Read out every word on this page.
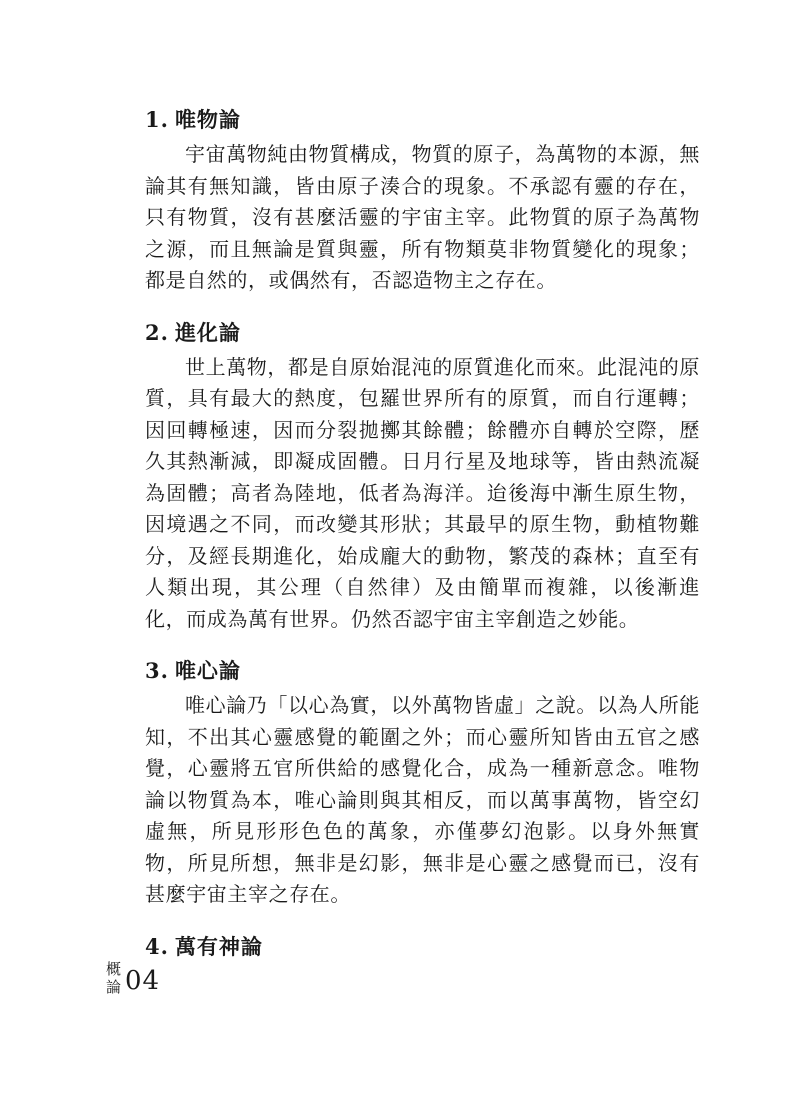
1. 唯物論

宇宙萬物純由物質構成，物質的原子，為萬物的本源，無論其有無知識，皆由原子湊合的現象。不承認有靈的存在，只有物質，沒有甚麼活靈的宇宙主宰。此物質的原子為萬物之源，而且無論是質與靈，所有物類莫非物質變化的現象；都是自然的，或偶然有，否認造物主之存在。

2. 進化論

世上萬物，都是自原始混沌的原質進化而來。此混沌的原質，具有最大的熱度，包羅世界所有的原質，而自行運轉；因回轉極速，因而分裂拋擲其餘體；餘體亦自轉於空際，歷久其熱漸減，即凝成固體。日月行星及地球等，皆由熱流凝為固體；高者為陸地，低者為海洋。迨後海中漸生原生物，因境遇之不同，而改變其形狀；其最早的原生物，動植物難分，及經長期進化，始成龐大的動物，繁茂的森林；直至有人類出現，其公理（自然律）及由簡單而複雜，以後漸進化，而成為萬有世界。仍然否認宇宙主宰創造之妙能。

3. 唯心論

唯心論乃「以心為實，以外萬物皆虛」之說。以為人所能知，不出其心靈感覺的範圍之外；而心靈所知皆由五官之感覺，心靈將五官所供給的感覺化合，成為一種新意念。唯物論以物質為本，唯心論則與其相反，而以萬事萬物，皆空幻虛無，所見形形色色的萬象，亦僅夢幻泡影。以身外無實物，所見所想，無非是幻影，無非是心靈之感覺而已，沒有甚麼宇宙主宰之存在。

4. 萬有神論
概
論 04
